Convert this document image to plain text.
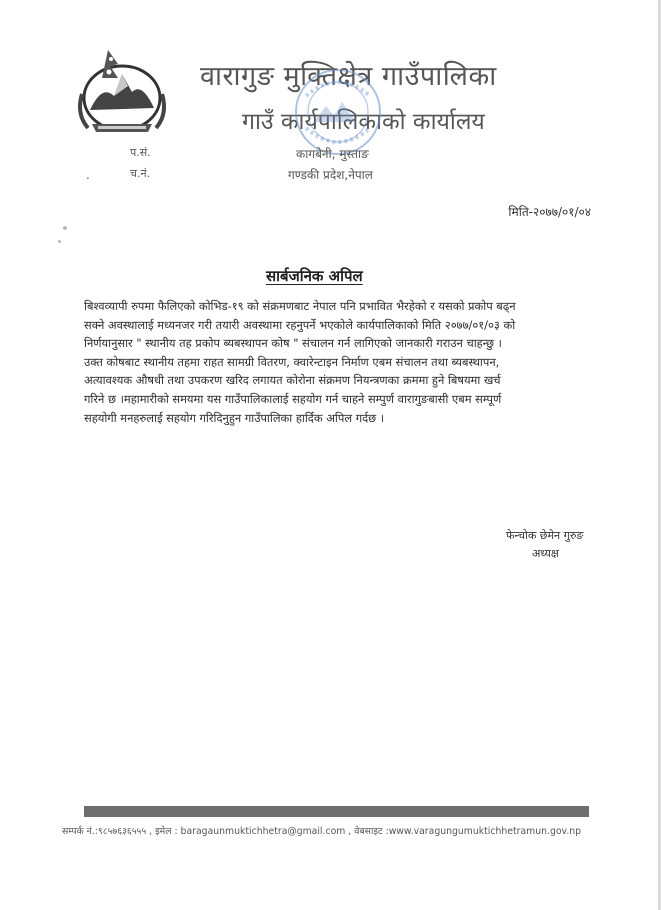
वारागुङ मुक्तिक्षेत्र गाउँपालिका
गाउँ कार्यपालिकाको कार्यालय
प.सं.
च.नं.
.
कागबेनी, मुस्ताङ
गण्डकी प्रदेश,नेपाल
मिति-२०७७/०१/०४
सार्बजनिक अपिल
बिश्वव्यापी रुपमा फैलिएको कोभिड-१९ को संक्रमणबाट नेपाल पनि प्रभावित भैरहेको र यसको प्रकोप बढ्न
सक्ने अवस्थालाई मध्यनजर गरी तयारी अवस्थामा रहनुपर्ने भएकोले कार्यपालिकाको मिति २०७७/०१/०३ को
निर्णयानुसार " स्थानीय तह प्रकोप ब्यबस्थापन कोष " संचालन गर्न लागिएको जानकारी गराउन चाहन्छु ।
उक्त कोषबाट स्थानीय तहमा राहत सामग्री वितरण, क्वारेन्टाइन निर्माण एबम संचालन तथा ब्यबस्थापन,
अत्यावश्यक औषधी तथा उपकरण खरिद लगायत कोरोना संक्रमण नियन्त्रणका क्रममा हुने बिषयमा खर्च
गरिने छ ।महामारीको समयमा यस गाउँपालिकालाई सहयोग गर्न चाहने सम्पुर्ण वारागुङबासी एबम सम्पूर्ण
सहयोगी मनहरुलाई सहयोग गरिदिनुहुन गाउँपालिका हार्दिक अपिल गर्दछ ।
फेन्चोक छेमेन गुरुङ
अध्यक्ष
सम्पर्क नं.:९८५७६३६५५५ , इमेल : baragaunmuktichhetra@gmail.com , वेबसाइट :www.varagungumuktichhetramun.gov.np
